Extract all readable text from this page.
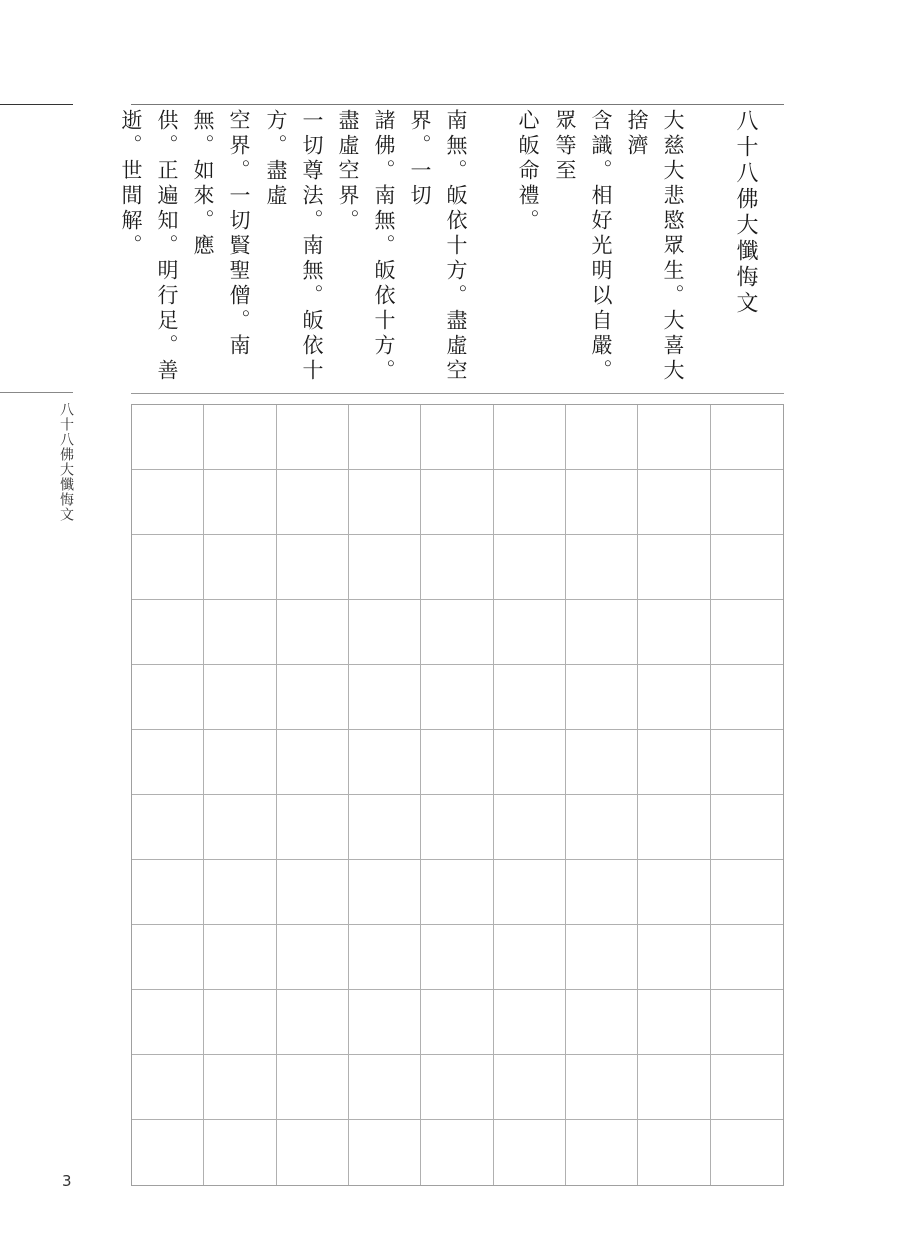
八十八佛大懺悔文
3
八十八佛大懺悔文
大慈大悲愍眾生。大喜大捨濟
含識。相好光明以自嚴。眾等至
心皈命禮。
南無。皈依十方。盡虛空界。一切
諸佛。南無。皈依十方。盡虛空界。
一切尊法。南無。皈依十方。盡虛
空界。一切賢聖僧。南無。如來。應
供。正遍知。明行足。善逝。世間解。
